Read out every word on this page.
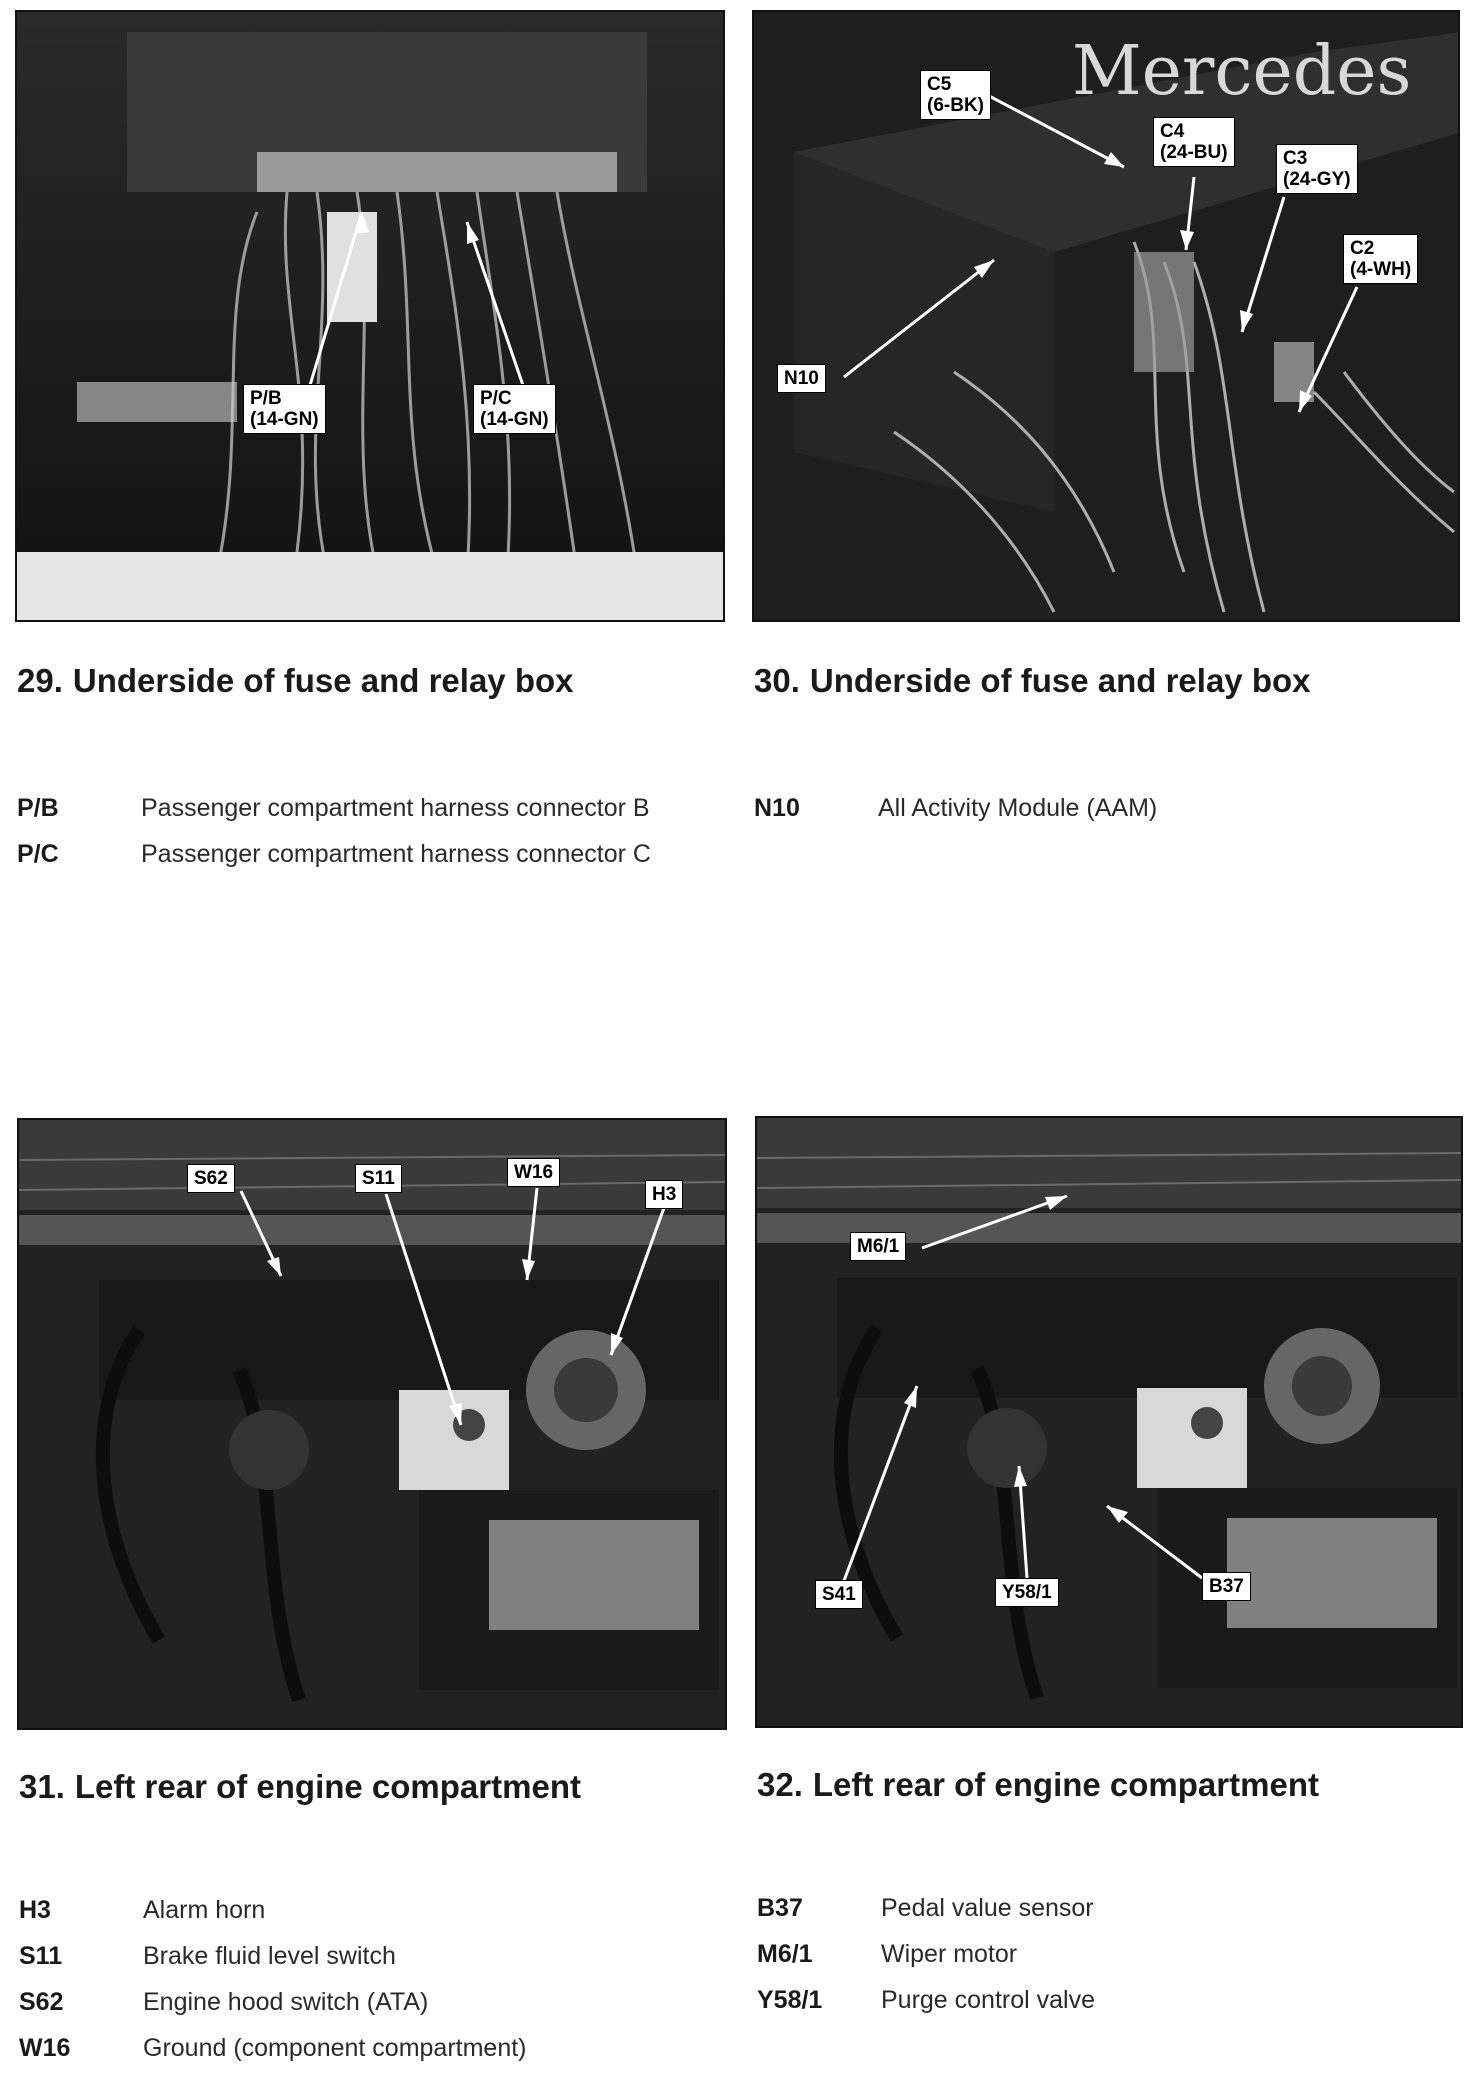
P/B
(14-GN)
P/C
(14-GN)
29. Underside of fuse and relay box
P/B	Passenger compartment harness connector B
P/C	Passenger compartment harness connector C
Mercedes
C5
(6-BK)
C4
(24-BU)	C3
(24-GY)
C2
(4-WH)
N10
30. Underside of fuse and relay box
N10	All Activity Module (AAM)
S62	S11	W16
H3
31. Left rear of engine compartment
H3	Alarm horn
S11	Brake fluid level switch
S62	Engine hood switch (ATA)
W16	Ground (component compartment)
M6/1
S41	Y58/1	B37
32. Left rear of engine compartment
B37	Pedal value sensor
M6/1	Wiper motor
Y58/1 Purge control valve
